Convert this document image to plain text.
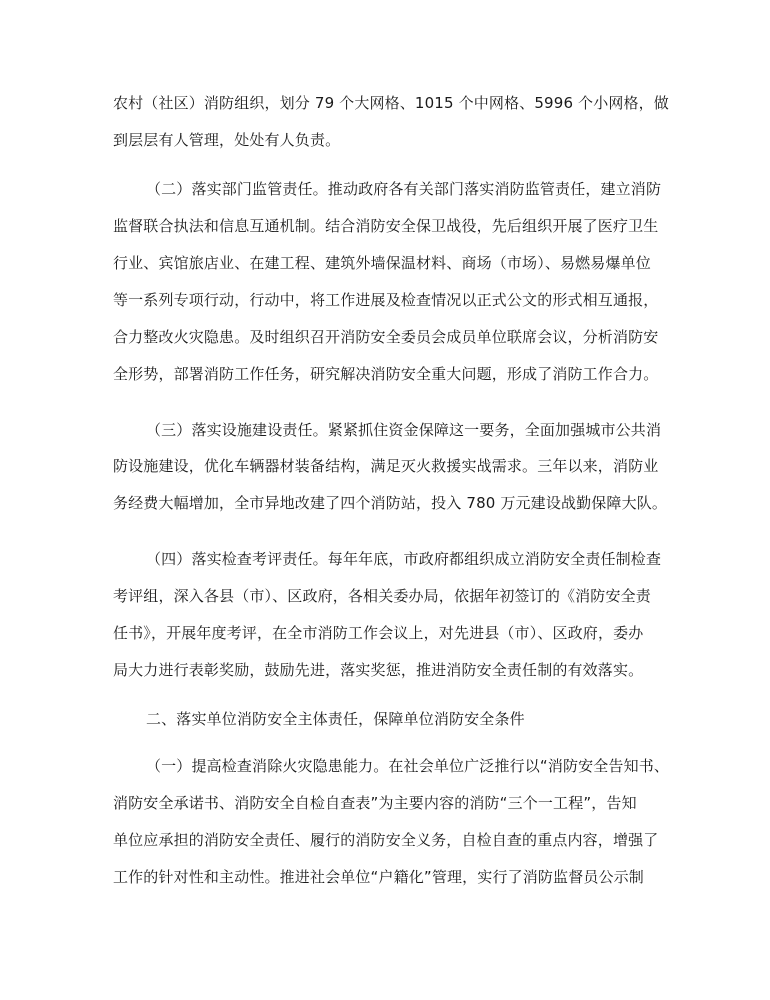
农村（社区）消防组织，划分 79 个大网格、1015 个中网格、5996 个小网格，做
到层层有人管理，处处有人负责。
（二）落实部门监管责任。推动政府各有关部门落实消防监管责任，建立消防
监督联合执法和信息互通机制。结合消防安全保卫战役，先后组织开展了医疗卫生
行业、宾馆旅店业、在建工程、建筑外墙保温材料、商场（市场）、易燃易爆单位
等一系列专项行动，行动中，将工作进展及检查情况以正式公文的形式相互通报，
合力整改火灾隐患。及时组织召开消防安全委员会成员单位联席会议，分析消防安
全形势，部署消防工作任务，研究解决消防安全重大问题，形成了消防工作合力。
（三）落实设施建设责任。紧紧抓住资金保障这一要务，全面加强城市公共消
防设施建设，优化车辆器材装备结构，满足灭火救援实战需求。三年以来，消防业
务经费大幅增加，全市异地改建了四个消防站，投入 780 万元建设战勤保障大队。
（四）落实检查考评责任。每年年底，市政府都组织成立消防安全责任制检查
考评组，深入各县（市）、区政府，各相关委办局，依据年初签订的《消防安全责
任书》，开展年度考评，在全市消防工作会议上，对先进县（市）、区政府，委办
局大力进行表彰奖励，鼓励先进，落实奖惩，推进消防安全责任制的有效落实。
二、落实单位消防安全主体责任，保障单位消防安全条件
（一）提高检查消除火灾隐患能力。在社会单位广泛推行以“消防安全告知书、
消防安全承诺书、消防安全自检自查表”为主要内容的消防“三个一工程”，告知
单位应承担的消防安全责任、履行的消防安全义务，自检自查的重点内容，增强了
工作的针对性和主动性。推进社会单位“户籍化”管理，实行了消防监督员公示制
